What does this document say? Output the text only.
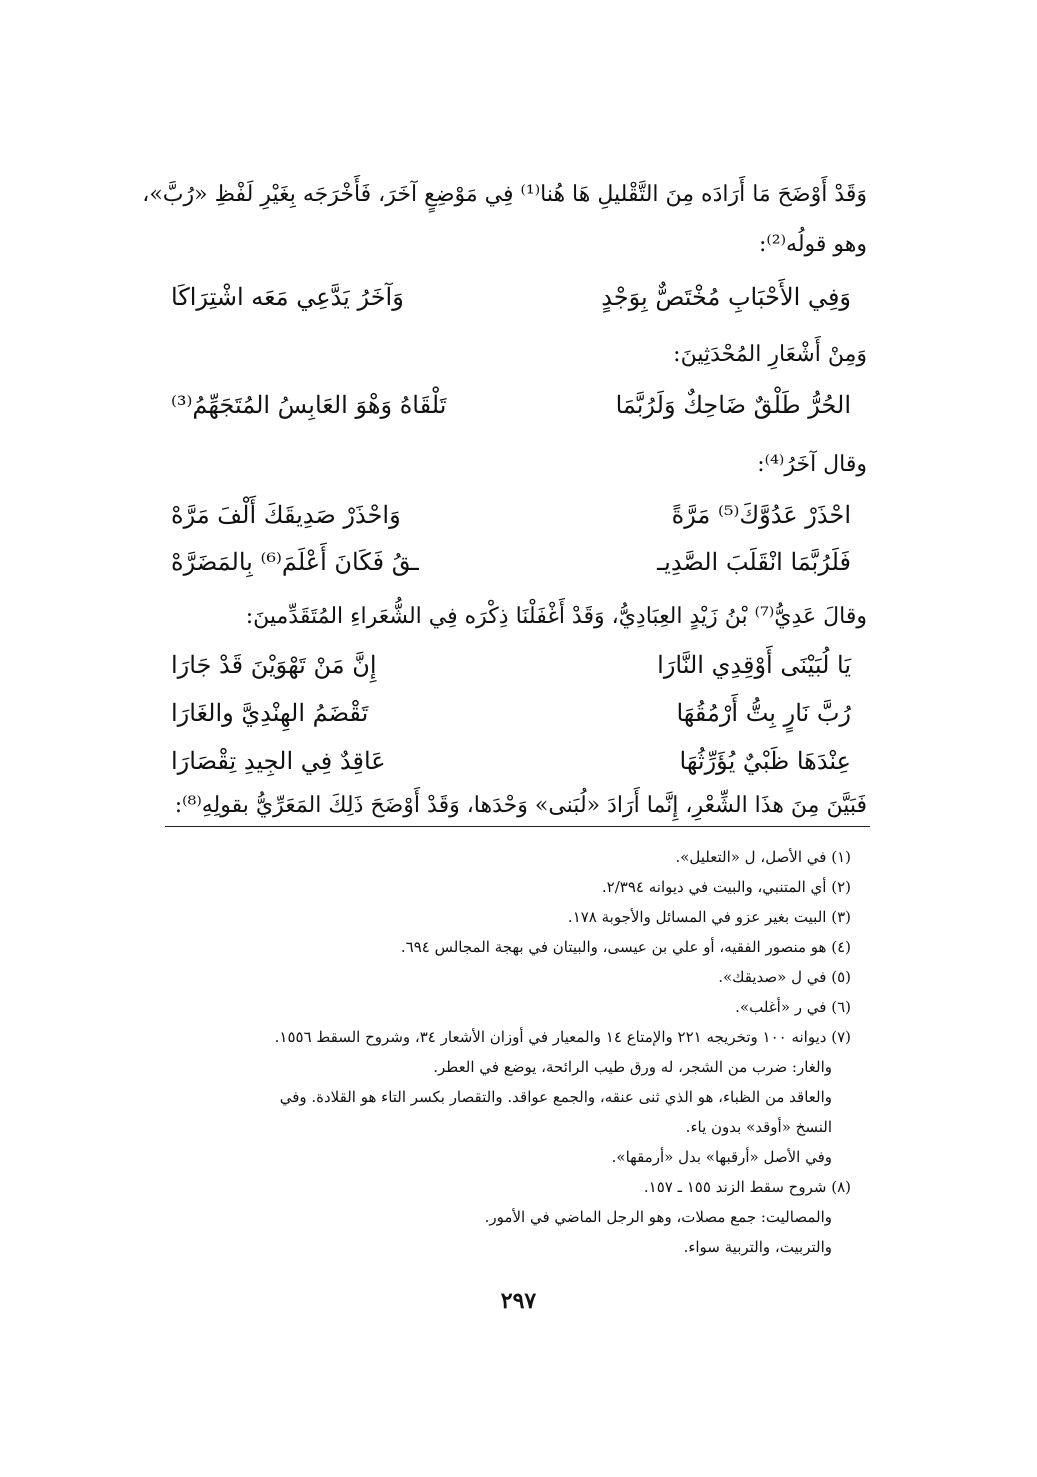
وَقَدْ أَوْضَحَ مَا أَرَادَه مِنَ التَّقْليلِ هَا هُنا⁽¹⁾ فِي مَوْضِعٍ آخَرَ، فَأَخْرَجَه بِغَيْرِ لَفْظِ «رُبَّ»،
وهو قولُه⁽²⁾:
وَفِي الأَحْبَابِ مُخْتَصٌّ بِوَجْدٍ
وَآخَرُ يَدَّعِي مَعَه اشْتِرَاكَا
وَمِنْ أَشْعَارِ المُحْدَثِينَ:
الحُرُّ طَلْقٌ ضَاحِكٌ وَلَرُبَّمَا
تَلْقَاهُ وَهْوَ العَابِسُ المُتَجَهِّمُ⁽³⁾
وقال آخَرُ⁽⁴⁾:
احْذَرْ عَدُوَّكَ⁽⁵⁾ مَرَّةً
وَاحْذَرْ صَدِيقَكَ أَلْفَ مَرَّهْ
فَلَرُبَّمَا انْقَلَبَ الصَّدِيـ
ـقُ فَكَانَ أَعْلَمَ⁽⁶⁾ بِالمَضَرَّهْ
وقالَ عَدِيُّ⁽⁷⁾ بْنُ زَيْدٍ العِبَادِيُّ، وَقَدْ أَغْفَلْنَا ذِكْرَه فِي الشُّعَراءِ المُتَقَدِّمينَ:
يَا لُبَيْنَى أَوْقِدِي النَّارَا
إِنَّ مَنْ تَهْوَيْنَ قَدْ جَارَا
رُبَّ نَارٍ بِتُّ أَرْمُقُهَا
تَقْضَمُ الهِنْدِيَّ والغَارَا
عِنْدَهَا ظَبْيٌ يُؤَرِّثُهَا
عَاقِدٌ فِي الجِيدِ تِقْصَارَا
فَبَيَّنَ مِنَ هذَا الشِّعْرِ، إِنَّما أَرَادَ «لُبَنى» وَحْدَها، وَقَدْ أَوْضَحَ ذَلِكَ المَعَرِّيُّ بقولِهِ⁽⁸⁾:
(١) في الأصل، ل «التعليل».
(٢) أي المتنبي، والبيت في ديوانه ٢/٣٩٤.
(٣) البيت بغير عزو في المسائل والأجوبة ١٧٨.
(٤) هو منصور الفقيه، أو علي بن عيسى، والبيتان في بهجة المجالس ٦٩٤.
(٥) في ل «صديقك».
(٦) في ر «أغلب».
(٧) ديوانه ١٠٠ وتخريجه ٢٢١ والإمتاع ١٤ والمعيار في أوزان الأشعار ٣٤، وشروح السقط ١٥٥٦.
والغار: ضرب من الشجر، له ورق طيب الرائحة، يوضع في العطر.
والعاقد من الظباء، هو الذي ثنى عنقه، والجمع عواقد. والتقصار بكسر التاء هو القلادة. وفي
النسخ «أوقد» بدون ياء.
وفي الأصل «أرقبها» بدل «أرمقها».
(٨) شروح سقط الزند ١٥٥ ـ ١٥٧.
والمصاليت: جمع مصلات، وهو الرجل الماضي في الأمور.
والتربيت، والتربية سواء.
٢٩٧
